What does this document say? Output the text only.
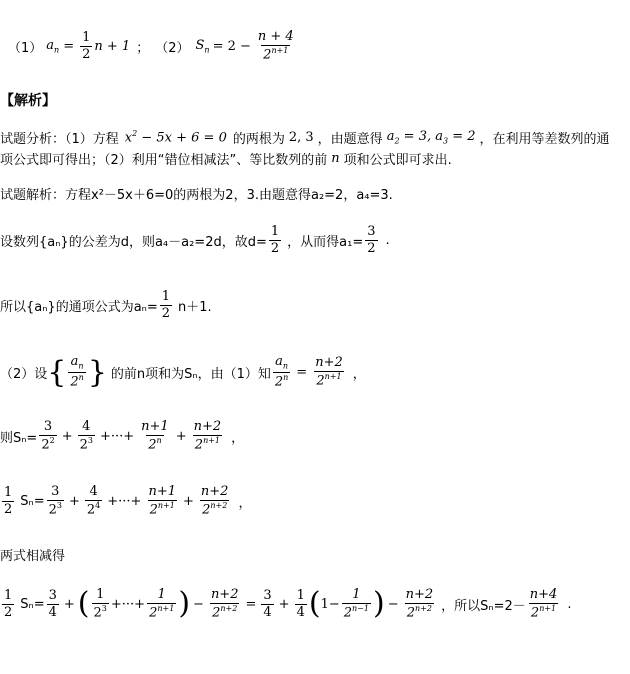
（1） $a_n = \frac{1}{2}$ n + 1 ； （2） $S_n = 2 - \frac{n + 4}{2^{n+1}}$
【解析】
试题分析：（1）方程 $x^2 - 5x + 6 = 0$ 的两根为 2, 3 ，由题意得 $a_2 = 3$, $a_3 = 2$ ，在利用等差数列的通
项公式即可得出；（2）利用“错位相减法”、等比数列的前 n 项和公式即可求出.
试题解析：方程x²－5x＋6=0的两根为2，3.由题意得a₂=2，a₄=3.
设数列{aₙ}的公差为d，则a₄－a₂=2d，故$d= \frac{1}{2}$ ，从而得$a_1= \frac{3}{2}$ .
所以{aₙ}的通项公式为$a_n= \frac{1}{2} n+1$.
（2）设 { $\frac{a_n}{2^n}$ } 的前n项和为Sₙ，由（1）知 $\frac{a_n}{2^n} = \frac{n+2}{2^{n+1}}$ ，
则$S_n= \frac{3}{2^2} + \frac{4}{2^3}$ +···+ $\frac{n+1}{2^n} + \frac{n+2}{2^{n+1}}$ ，
$\frac{1}{2} S_n= \frac{3}{2^3} + \frac{4}{2^4}$ +···+ $\frac{n+1}{2^{n+1}} + \frac{n+2}{2^{n+2}}$ ，
两式相减得
$\frac{1}{2} S_n= \frac{3}{4}$ + ( $\frac{1}{2^3}$ +···+ $\frac{1}{2^{n+1}}$ ) − $\frac{n+2}{2^{n+2}} = \frac{3}{4} + \frac{1}{4}$ ( $1- \frac{1}{2^{n-1}}$ ) − $\frac{n+2}{2^{n+2}}$ ，所以$S_n=2- \frac{n+4}{2^{n+1}}$ .
